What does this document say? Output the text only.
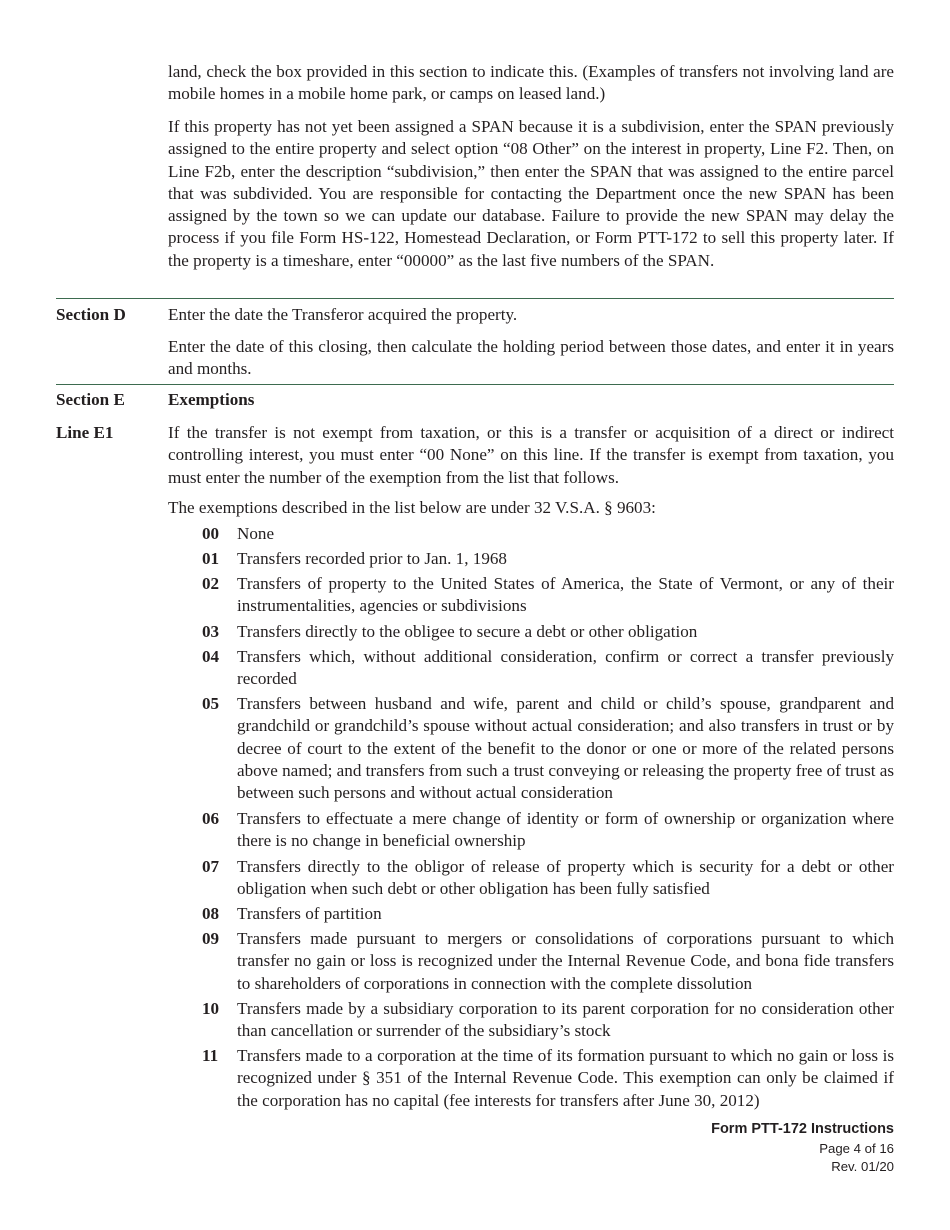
land, check the box provided in this section to indicate this. (Examples of transfers not involving land are mobile homes in a mobile home park, or camps on leased land.)

If this property has not yet been assigned a SPAN because it is a subdivision, enter the SPAN previously assigned to the entire property and select option “08 Other” on the interest in property, Line F2. Then, on Line F2b, enter the description “subdivision,” then enter the SPAN that was assigned to the entire parcel that was subdivided. You are responsible for contacting the Department once the new SPAN has been assigned by the town so we can update our database. Failure to provide the new SPAN may delay the process if you file Form HS-122, Homestead Declaration, or Form PTT-172 to sell this property later. If the property is a timeshare, enter “00000” as the last five numbers of the SPAN.

Section D Enter the date the Transferor acquired the property.

Enter the date of this closing, then calculate the holding period between those dates, and enter it in years and months.

Section E	Exemptions
Line E1	If the transfer is not exempt from taxation, or this is a transfer or acquisition of a direct or indirect controlling interest, you must enter “00 None” on this line. If the transfer is exempt from taxation, you must enter the number of the exemption from the list that follows.

The exemptions described in the list below are under 32 V.S.A. § 9603:

00	None
01	Transfers recorded prior to Jan. 1, 1968
02	Transfers of property to the United States of America, the State of Vermont, or any of their instrumentalities, agencies or subdivisions
03	Transfers directly to the obligee to secure a debt or other obligation
04	Transfers which, without additional consideration, confirm or correct a transfer previously recorded
05	Transfers between husband and wife, parent and child or child’s spouse, grandparent and grandchild or grandchild’s spouse without actual consideration; and also transfers in trust or by decree of court to the extent of the benefit to the donor or one or more of the related persons above named; and transfers from such a trust conveying or releasing the property free of trust as between such persons and without actual consideration
06	Transfers to effectuate a mere change of identity or form of ownership or organization where there is no change in beneficial ownership
07	Transfers directly to the obligor of release of property which is security for a debt or other obligation when such debt or other obligation has been fully satisfied
08	Transfers of partition
09	Transfers made pursuant to mergers or consolidations of corporations pursuant to which transfer no gain or loss is recognized under the Internal Revenue Code, and bona fide transfers to shareholders of corporations in connection with the complete dissolution
10	Transfers made by a subsidiary corporation to its parent corporation for no consideration other than cancellation or surrender of the subsidiary’s stock
11	Transfers made to a corporation at the time of its formation pursuant to which no gain or loss is recognized under § 351 of the Internal Revenue Code. This exemption can only be claimed if the corporation has no capital (fee interests for transfers after June 30, 2012)
Form PTT-172 Instructions
Page 4 of 16
Rev. 01/20
